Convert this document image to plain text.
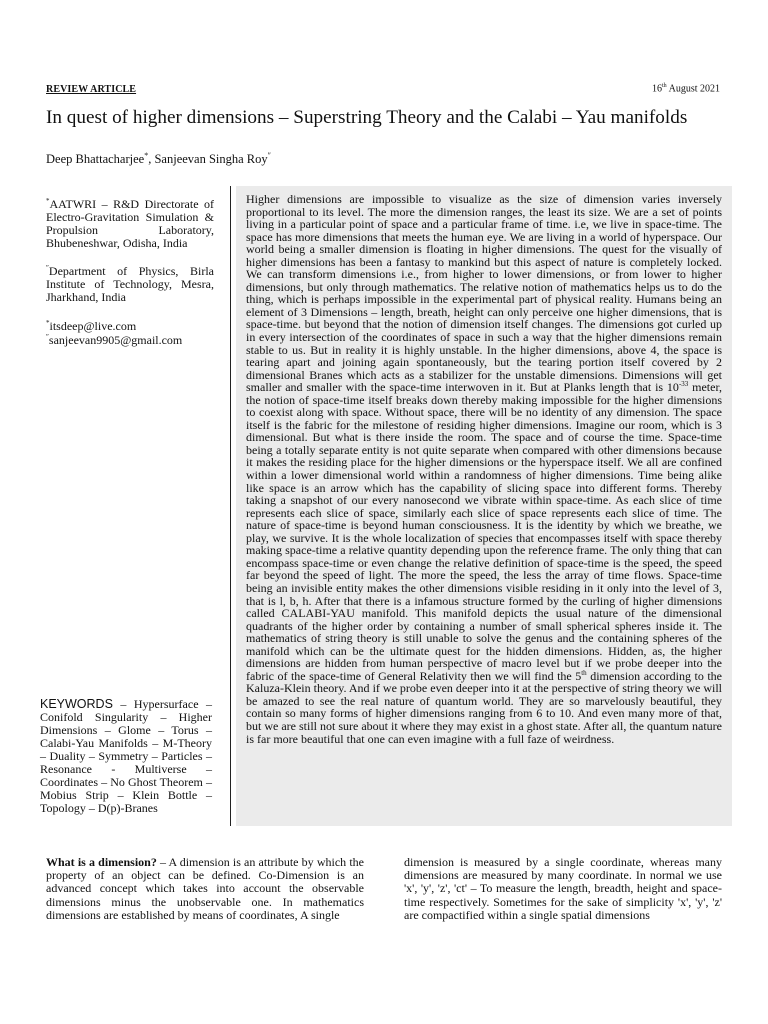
REVIEW ARTICLE	16th August 2021
In quest of higher dimensions – Superstring Theory and the Calabi – Yau manifolds
Deep Bhattacharjee*, Sanjeevan Singha Roy″
*AATWRI – R&D Directorate of Electro-Gravitation Simulation & Propulsion Laboratory, Bhubeneshwar, Odisha, India
″Department of Physics, Birla Institute of Technology, Mesra, Jharkhand, India
*itsdeep@live.com
″sanjeevan9905@gmail.com
Higher dimensions are impossible to visualize as the size of dimension varies inversely proportional to its level. The more the dimension ranges, the least its size. We are a set of points living in a particular point of space and a particular frame of time. i.e, we live in space-time. The space has more dimensions that meets the human eye. We are living in a world of hyperspace. Our world being a smaller dimension is floating in higher dimensions. The quest for the visually of higher dimensions has been a fantasy to mankind but this aspect of nature is completely locked. We can transform dimensions i.e., from higher to lower dimensions, or from lower to higher dimensions, but only through mathematics. The relative notion of mathematics helps us to do the thing, which is perhaps impossible in the experimental part of physical reality. Humans being an element of 3 Dimensions – length, breath, height can only perceive one higher dimensions, that is space-time. but beyond that the notion of dimension itself changes. The dimensions got curled up in every intersection of the coordinates of space in such a way that the higher dimensions remain stable to us. But in reality it is highly unstable. In the higher dimensions, above 4, the space is tearing apart and joining again spontaneously, but the tearing portion itself covered by 2 dimensional Branes which acts as a stabilizer for the unstable dimensions. Dimensions will get smaller and smaller with the space-time interwoven in it. But at Planks length that is $10^{-33}$ meter, the notion of space-time itself breaks down thereby making impossible for the higher dimensions to coexist along with space. Without space, there will be no identity of any dimension. The space itself is the fabric for the milestone of residing higher dimensions. Imagine our room, which is 3 dimensional. But what is there inside the room. The space and of course the time. Space-time being a totally separate entity is not quite separate when compared with other dimensions because it makes the residing place for the higher dimensions or the hyperspace itself. We all are confined within a lower dimensional world within a randomness of higher dimensions. Time being alike like space is an arrow which has the capability of slicing space into different forms. Thereby taking a snapshot of our every nanosecond we vibrate within space-time. As each slice of time represents each slice of space, similarly each slice of space represents each slice of time. The nature of space-time is beyond human consciousness. It is the identity by which we breathe, we play, we survive. It is the whole localization of species that encompasses itself with space thereby making space-time a relative quantity depending upon the reference frame. The only thing that can encompass space-time or even change the relative definition of space-time is the speed, the speed far beyond the speed of light. The more the speed, the less the array of time flows. Space-time being an invisible entity makes the other dimensions visible residing in it only into the level of 3, that is l, b, h. After that there is a infamous structure formed by the curling of higher dimensions called CALABI-YAU manifold. This manifold depicts the usual nature of the dimensional quadrants of the higher order by containing a number of small spherical spheres inside it. The mathematics of string theory is still unable to solve the genus and the containing spheres of the manifold which can be the ultimate quest for the hidden dimensions. Hidden, as, the higher dimensions are hidden from human perspective of macro level but if we probe deeper into the fabric of the space-time of General Relativity then we will find the 5th dimension according to the Kaluza-Klein theory. And if we probe even deeper into it at the perspective of string theory we will be amazed to see the real nature of quantum world. They are so marvelously beautiful, they contain so many forms of higher dimensions ranging from 6 to 10. And even many more of that, but we are still not sure about it where they may exist in a ghost state. After all, the quantum nature is far more beautiful that one can even imagine with a full faze of weirdness.
KEYWORDS – Hypersurface – Conifold Singularity – Higher Dimensions – Glome – Torus – Calabi-Yau Manifolds – M-Theory – Duality – Symmetry – Particles – Resonance - Multiverse – Coordinates – No Ghost Theorem – Mobius Strip – Klein Bottle – Topology – D(p)-Branes
What is a dimension? – A dimension is an attribute by which the property of an object can be defined. Co-Dimension is an advanced concept which takes into account the observable dimensions minus the unobservable one. In mathematics dimensions are established by means of coordinates, A single
dimension is measured by a single coordinate, whereas many dimensions are measured by many coordinate. In normal we use 'x', 'y', 'z', 'ct' – To measure the length, breadth, height and space-time respectively. Sometimes for the sake of simplicity 'x', 'y', 'z' are compactified within a single spatial dimensions
